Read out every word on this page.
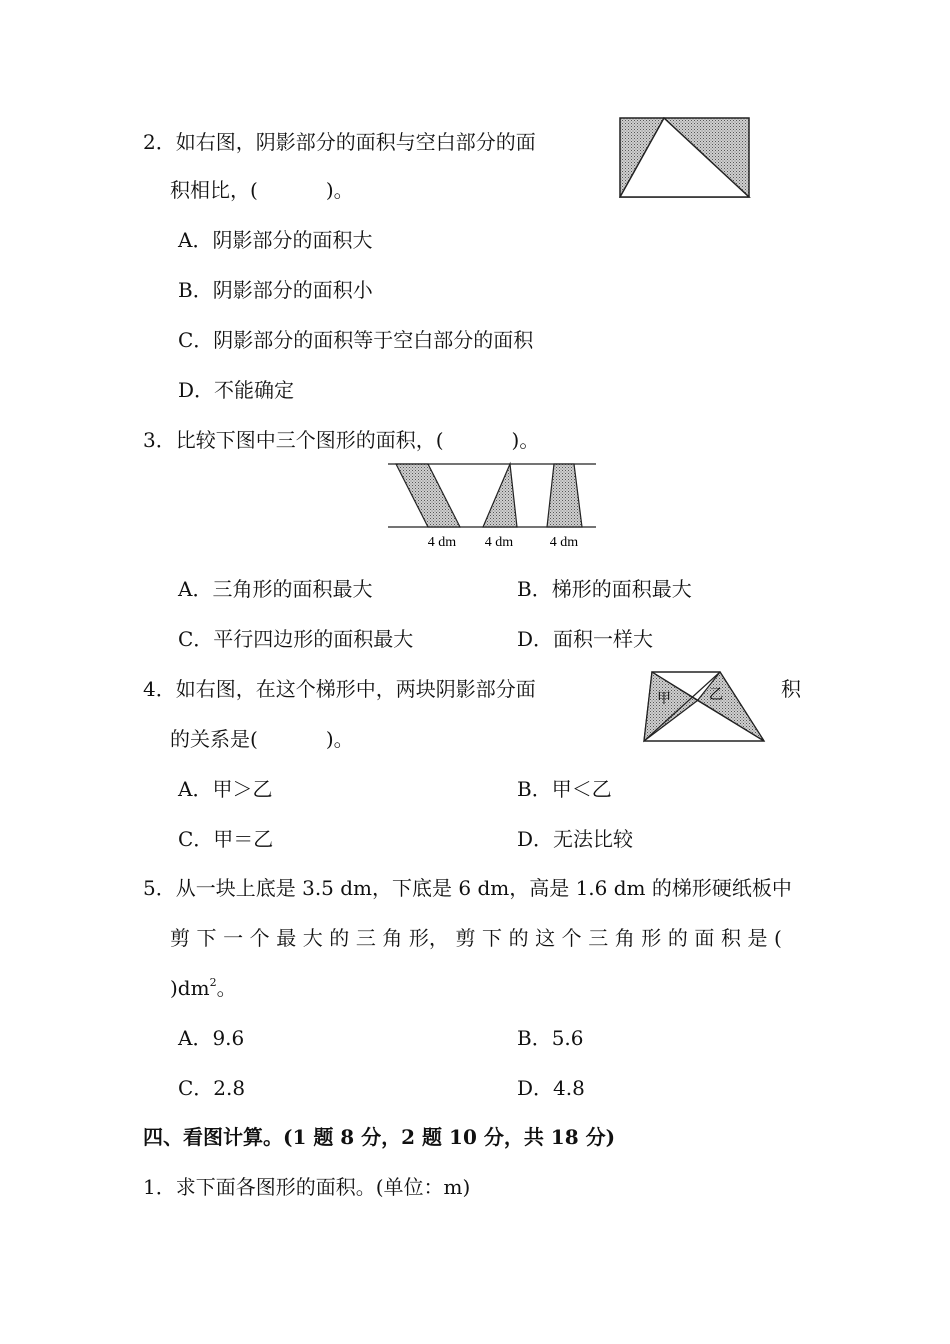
2．如右图，阴影部分的面积与空白部分的面
积相比，(	)。
A．阴影部分的面积大
B．阴影部分的面积小
C．阴影部分的面积等于空白部分的面积
D．不能确定
3．比较下图中三个图形的面积，(	)。
4 dm 4 dm	4 dm
A．三角形的面积最大	B．梯形的面积最大
C．平行四边形的面积最大	D．面积一样大
4．如右图，在这个梯形中，两块阴影部分面	积
的关系是(	)。
甲	乙
A．甲＞乙	B．甲＜乙
C．甲＝乙	D．无法比较
5．从一块上底是 3.5 dm，下底是 6 dm，高是 1.6 dm 的梯形硬纸板中
剪 下 一 个 最 大 的 三 角 形， 剪 下 的 这 个 三 角 形 的 面 积 是 (
)$dm^2$。
A．9.6	B．5.6
C．2.8	D．4.8
四、看图计算。(1 题 8 分，2 题 10 分，共 18 分)
1．求下面各图形的面积。(单位：m)
